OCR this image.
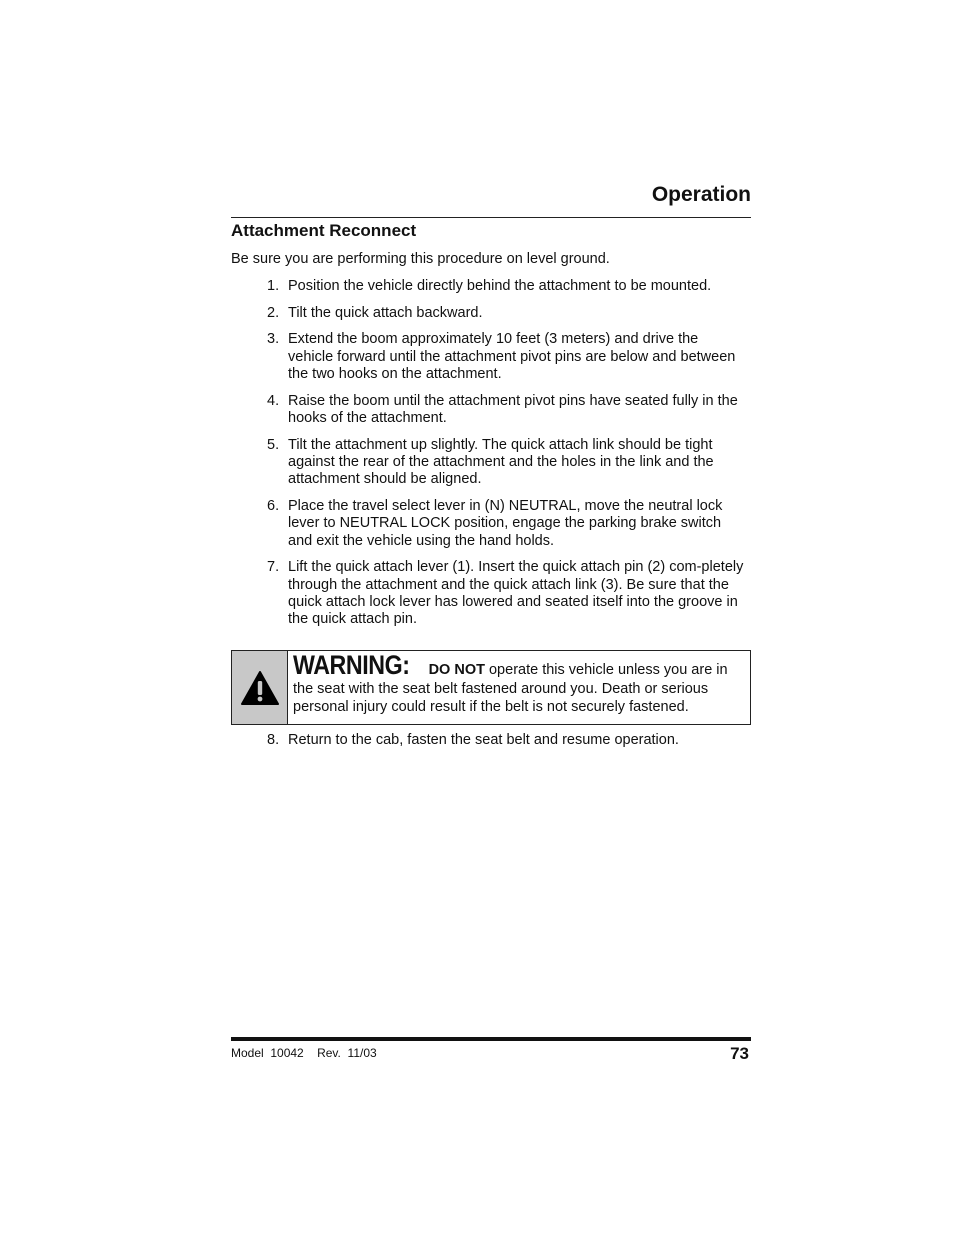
Operation
Attachment Reconnect

Be sure you are performing this procedure on level ground.

1. Position the vehicle directly behind the attachment to be mounted.
2. Tilt the quick attach backward.
3. Extend the boom approximately 10 feet (3 meters) and drive the vehicle forward until the attachment pivot pins are below and between the two hooks on the attachment.
4. Raise the boom until the attachment pivot pins have seated fully in the hooks of the attachment.
5. Tilt the attachment up slightly. The quick attach link should be tight against the rear of the attachment and the holes in the link and the attachment should be aligned.
6. Place the travel select lever in (N) NEUTRAL, move the neutral lock lever to NEUTRAL LOCK position, engage the parking brake switch and exit the vehicle using the hand holds.
7. Lift the quick attach lever (1). Insert the quick attach pin (2) com-pletely through the attachment and the quick attach link (3). Be sure that the quick attach lock lever has lowered and seated itself into the groove in the quick attach pin.
WARNING: DO NOT operate this vehicle unless you are in the seat with the seat belt fastened around you. Death or serious personal injury could result if the belt is not securely fastened.
8. Return to the cab, fasten the seat belt and resume operation.
Model  10042 Rev.  11/03	73
